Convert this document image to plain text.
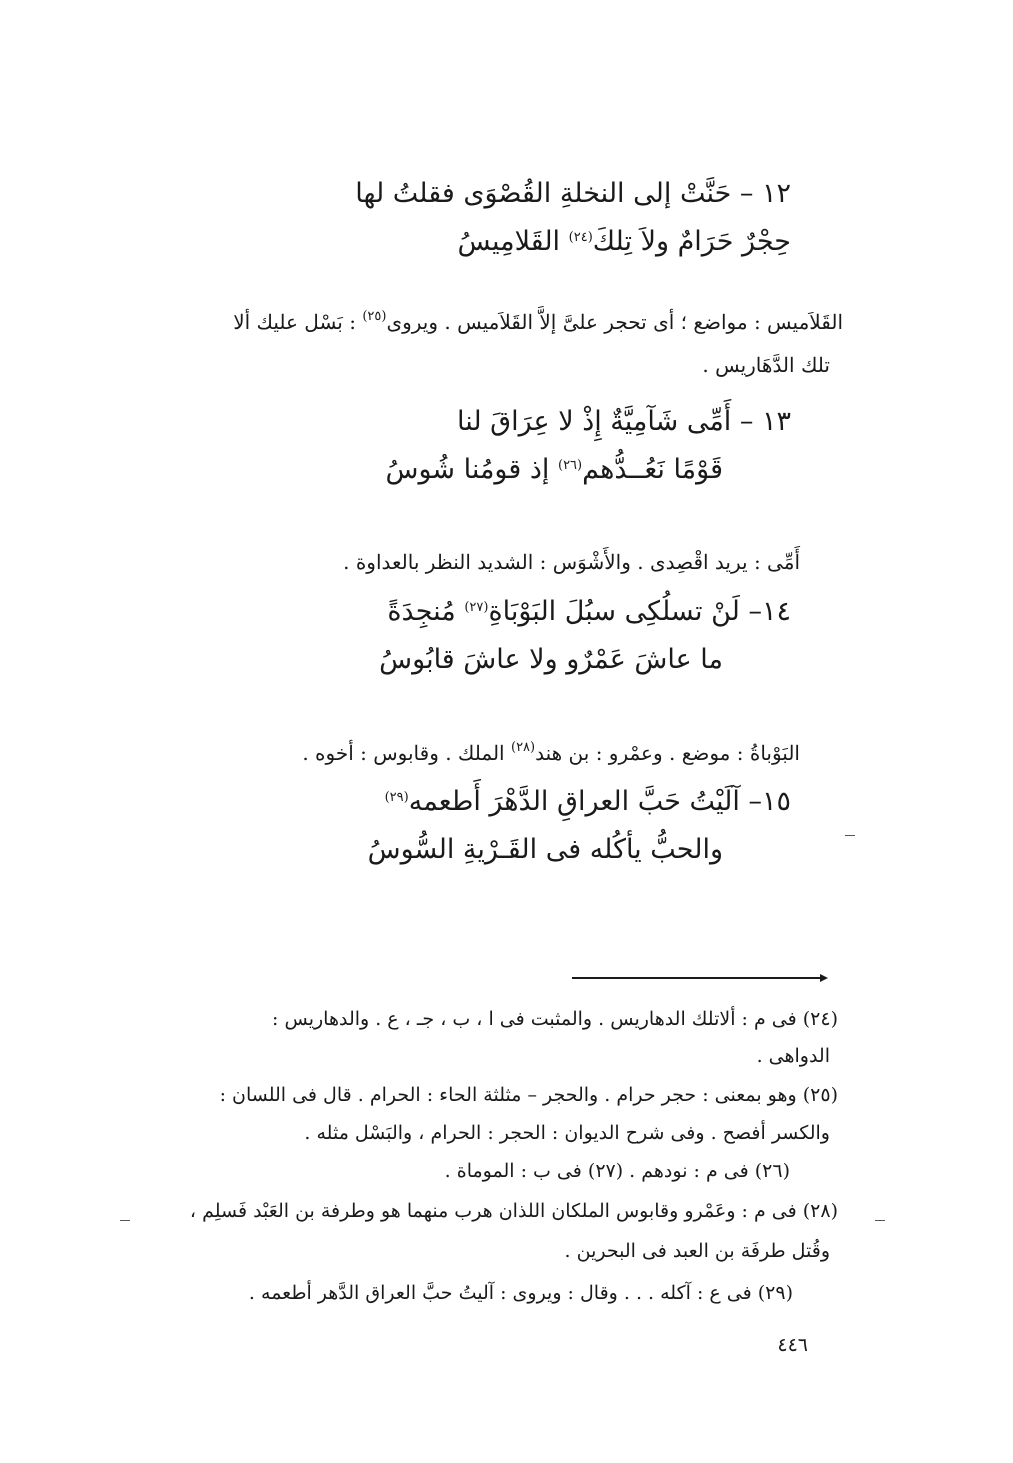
١٢ – حَنَّتْ إلى النخلةِ القُصْوَى فقلتُ لها
حِجْرٌ حَرَامٌ ولاَ تِلكَ$^{(٢٤)}$ القَلامِيسُ
القَلاَميس : مواضع ؛ أى تحجر علىَّ إلاَّ القَلاَميس . ويروى$^{(٢٥)}$ : بَسْل عليك ألا
تلك الدَّهَاريس .
١٣ – أَمِّى شَآمِيَّةٌ إِذْ لا عِرَاقَ لنا
قَوْمًا نَعُــدُّهم$^{(٢٦)}$ إذ قومُنا شُوسُ
أَمِّى : يريد اقْصِدى . والأَشْوَس : الشديد النظر بالعداوة .
١٤– لَنْ تسلُكِى سبُلَ البَوْبَاةِ$^{(٢٧)}$ مُنجِدَةً
ما عاشَ عَمْرٌو ولا عاشَ قابُوسُ
البَوْباةُ : موضع . وعمْرو : بن هند$^{(٢٨)}$ الملك . وقابوس : أخوه .
١٥– آلَيْتُ حَبَّ العراقِ الدَّهْرَ أَطعمه$^{(٢٩)}$
والحبُّ يأكُله فى القَـرْيةِ السُّوسُ
(٢٤) فى م : ألاتلك الدهاريس . والمثبت فى ا ، ب ، جـ ، ع . والدهاريس :
الدواهى .
(٢٥) وهو بمعنى : حجر حرام . والحجر – مثلثة الحاء : الحرام . قال فى اللسان :
والكسر أفصح . وفى شرح الديوان : الحجر : الحرام ، والبَسْل مثله .
(٢٦) فى م : نودهم . (٢٧) فى ب : الموماة .
(٢٨) فى م : وعَمْرو وقابوس الملكان اللذان هرب منهما هو وطرفة بن العَبْد فَسلِم ،
وقُتل طرفَة بن العبد فى البحرين .
(٢٩) فى ع : آكله . . . وقال : ويروى : آليتُ حبَّ العراق الدَّهر أطعمه .
٤٤٦
